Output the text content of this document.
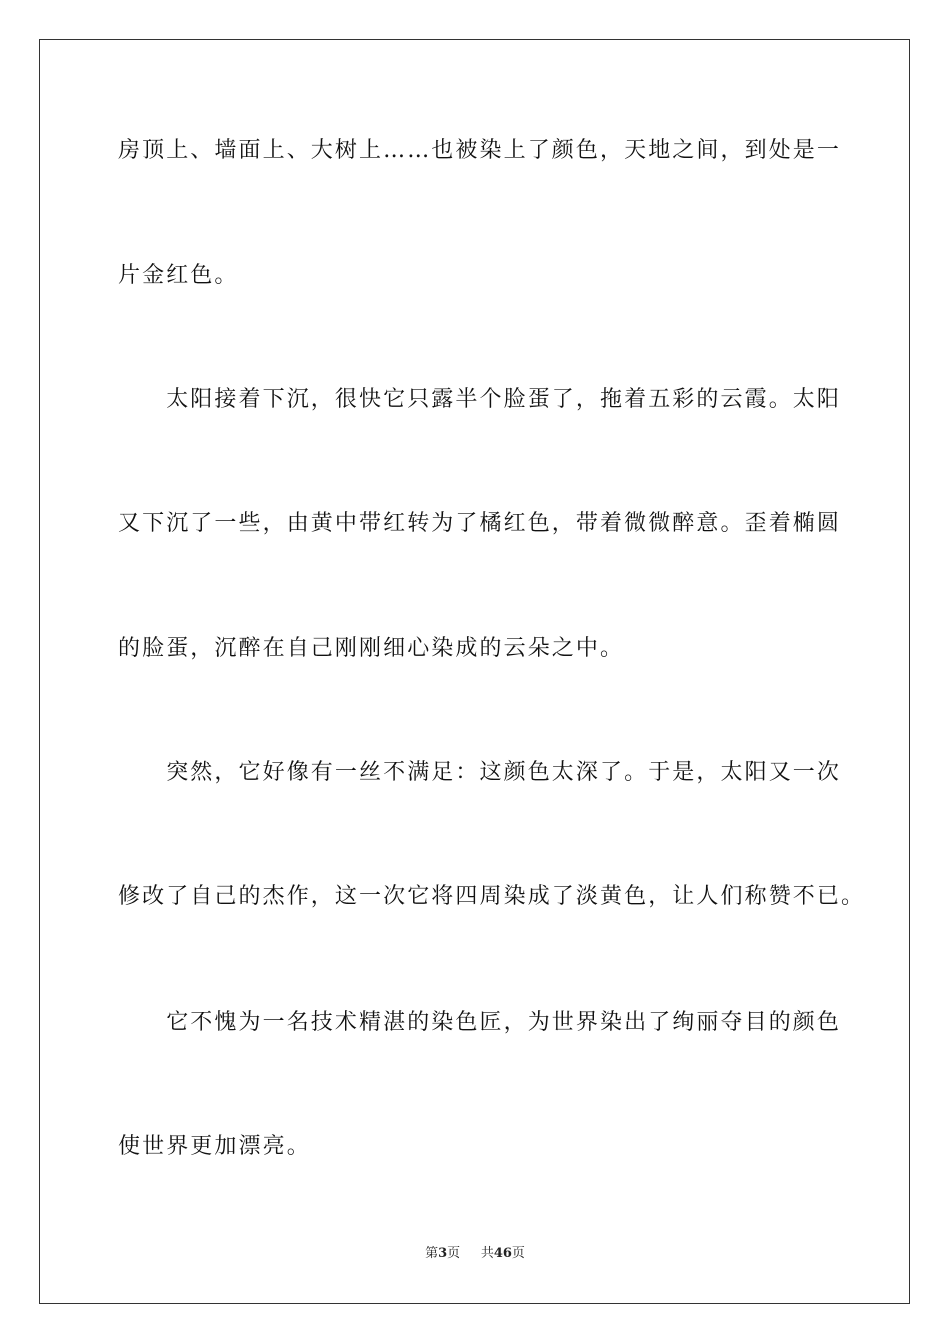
房顶上、墙面上、大树上……也被染上了颜色，天地之间，到处是一
片金红色。
　　太阳接着下沉，很快它只露半个脸蛋了，拖着五彩的云霞。太阳
又下沉了一些，由黄中带红转为了橘红色，带着微微醉意。歪着椭圆
的脸蛋，沉醉在自己刚刚细心染成的云朵之中。
　　突然，它好像有一丝不满足：这颜色太深了。于是，太阳又一次
修改了自己的杰作，这一次它将四周染成了淡黄色，让人们称赞不已。
　　它不愧为一名技术精湛的染色匠，为世界染出了绚丽夺目的颜色
使世界更加漂亮。
第3页 共46页
